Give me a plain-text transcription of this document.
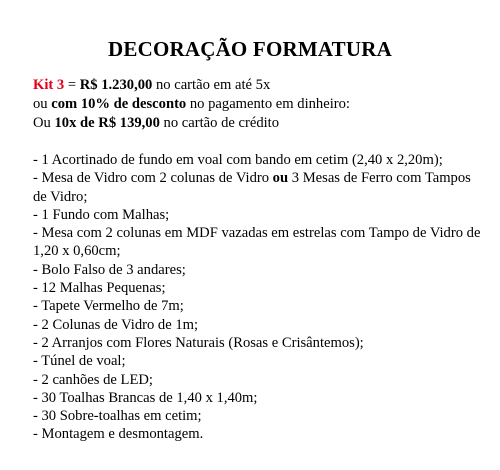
DECORAÇÃO FORMATURA
Kit 3 = R$ 1.230,00 no cartão em até 5x
ou com 10% de desconto no pagamento em dinheiro:
Ou 10x de R$ 139,00 no cartão de crédito
- 1 Acortinado de fundo em voal com bando em cetim (2,40 x 2,20m);
- Mesa de Vidro com 2 colunas de Vidro ou 3 Mesas de Ferro com Tampos de Vidro;
- 1 Fundo com Malhas;
- Mesa com 2 colunas em MDF vazadas em estrelas com Tampo de Vidro de 1,20 x 0,60cm;
- Bolo Falso de 3 andares;
- 12 Malhas Pequenas;
- Tapete Vermelho de 7m;
- 2 Colunas de Vidro de 1m;
- 2 Arranjos com Flores Naturais (Rosas e Crisântemos);
- Túnel de voal;
- 2 canhões de LED;
- 30 Toalhas Brancas de 1,40 x 1,40m;
- 30 Sobre-toalhas em cetim;
- Montagem e desmontagem.
